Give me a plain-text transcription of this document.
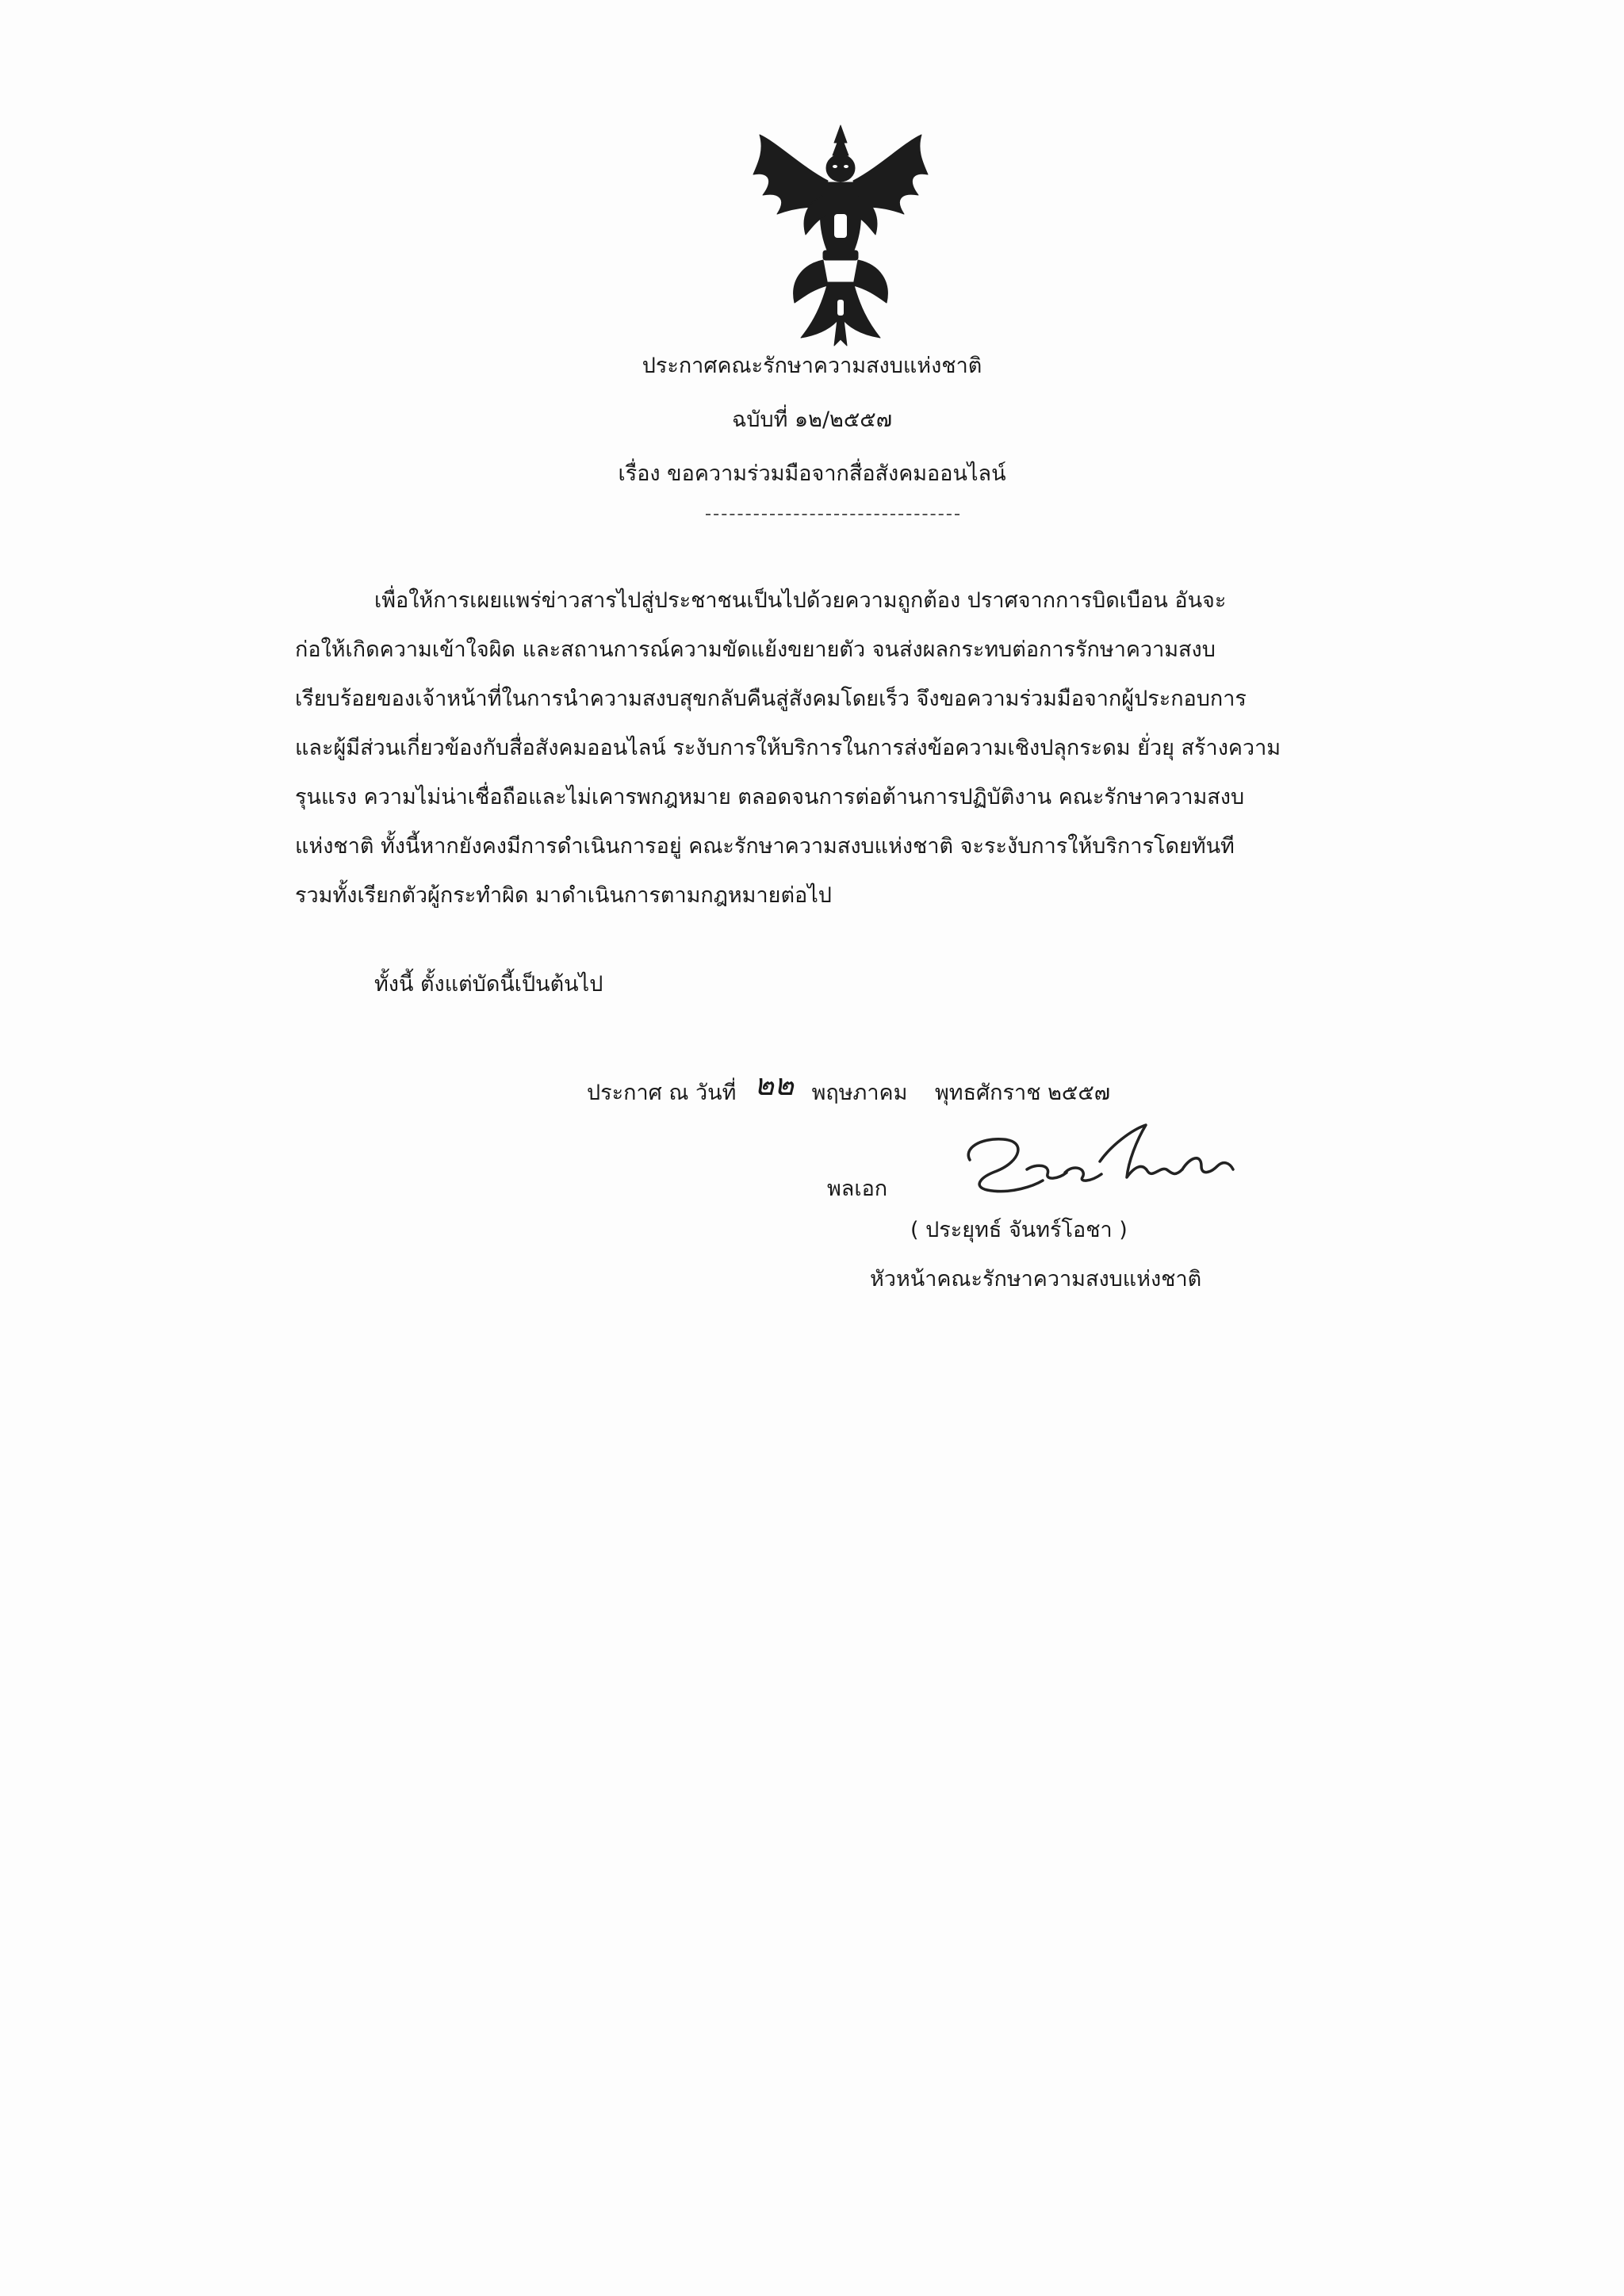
ประกาศคณะรักษาความสงบแห่งชาติ
ฉบับที่ ๑๒/๒๕๕๗
เรื่อง ขอความร่วมมือจากสื่อสังคมออนไลน์
เพื่อให้การเผยแพร่ข่าวสารไปสู่ประชาชนเป็นไปด้วยความถูกต้อง ปราศจากการบิดเบือน อันจะ
ก่อให้เกิดความเข้าใจผิด และสถานการณ์ความขัดแย้งขยายตัว จนส่งผลกระทบต่อการรักษาความสงบ
เรียบร้อยของเจ้าหน้าที่ในการนำความสงบสุขกลับคืนสู่สังคมโดยเร็ว จึงขอความร่วมมือจากผู้ประกอบการ
และผู้มีส่วนเกี่ยวข้องกับสื่อสังคมออนไลน์ ระงับการให้บริการในการส่งข้อความเชิงปลุกระดม ยั่วยุ สร้างความ
รุนแรง ความไม่น่าเชื่อถือและไม่เคารพกฎหมาย ตลอดจนการต่อต้านการปฏิบัติงาน คณะรักษาความสงบ
แห่งชาติ ทั้งนี้หากยังคงมีการดำเนินการอยู่ คณะรักษาความสงบแห่งชาติ จะระงับการให้บริการโดยทันที
รวมทั้งเรียกตัวผู้กระทำผิด มาดำเนินการตามกฎหมายต่อไป
ทั้งนี้ ตั้งแต่บัดนี้เป็นต้นไป
ประกาศ ณ วันที่ ๒๒ พฤษภาคม พุทธศักราช ๒๕๕๗
พลเอก
( ประยุทธ์ จันทร์โอชา )
หัวหน้าคณะรักษาความสงบแห่งชาติ
